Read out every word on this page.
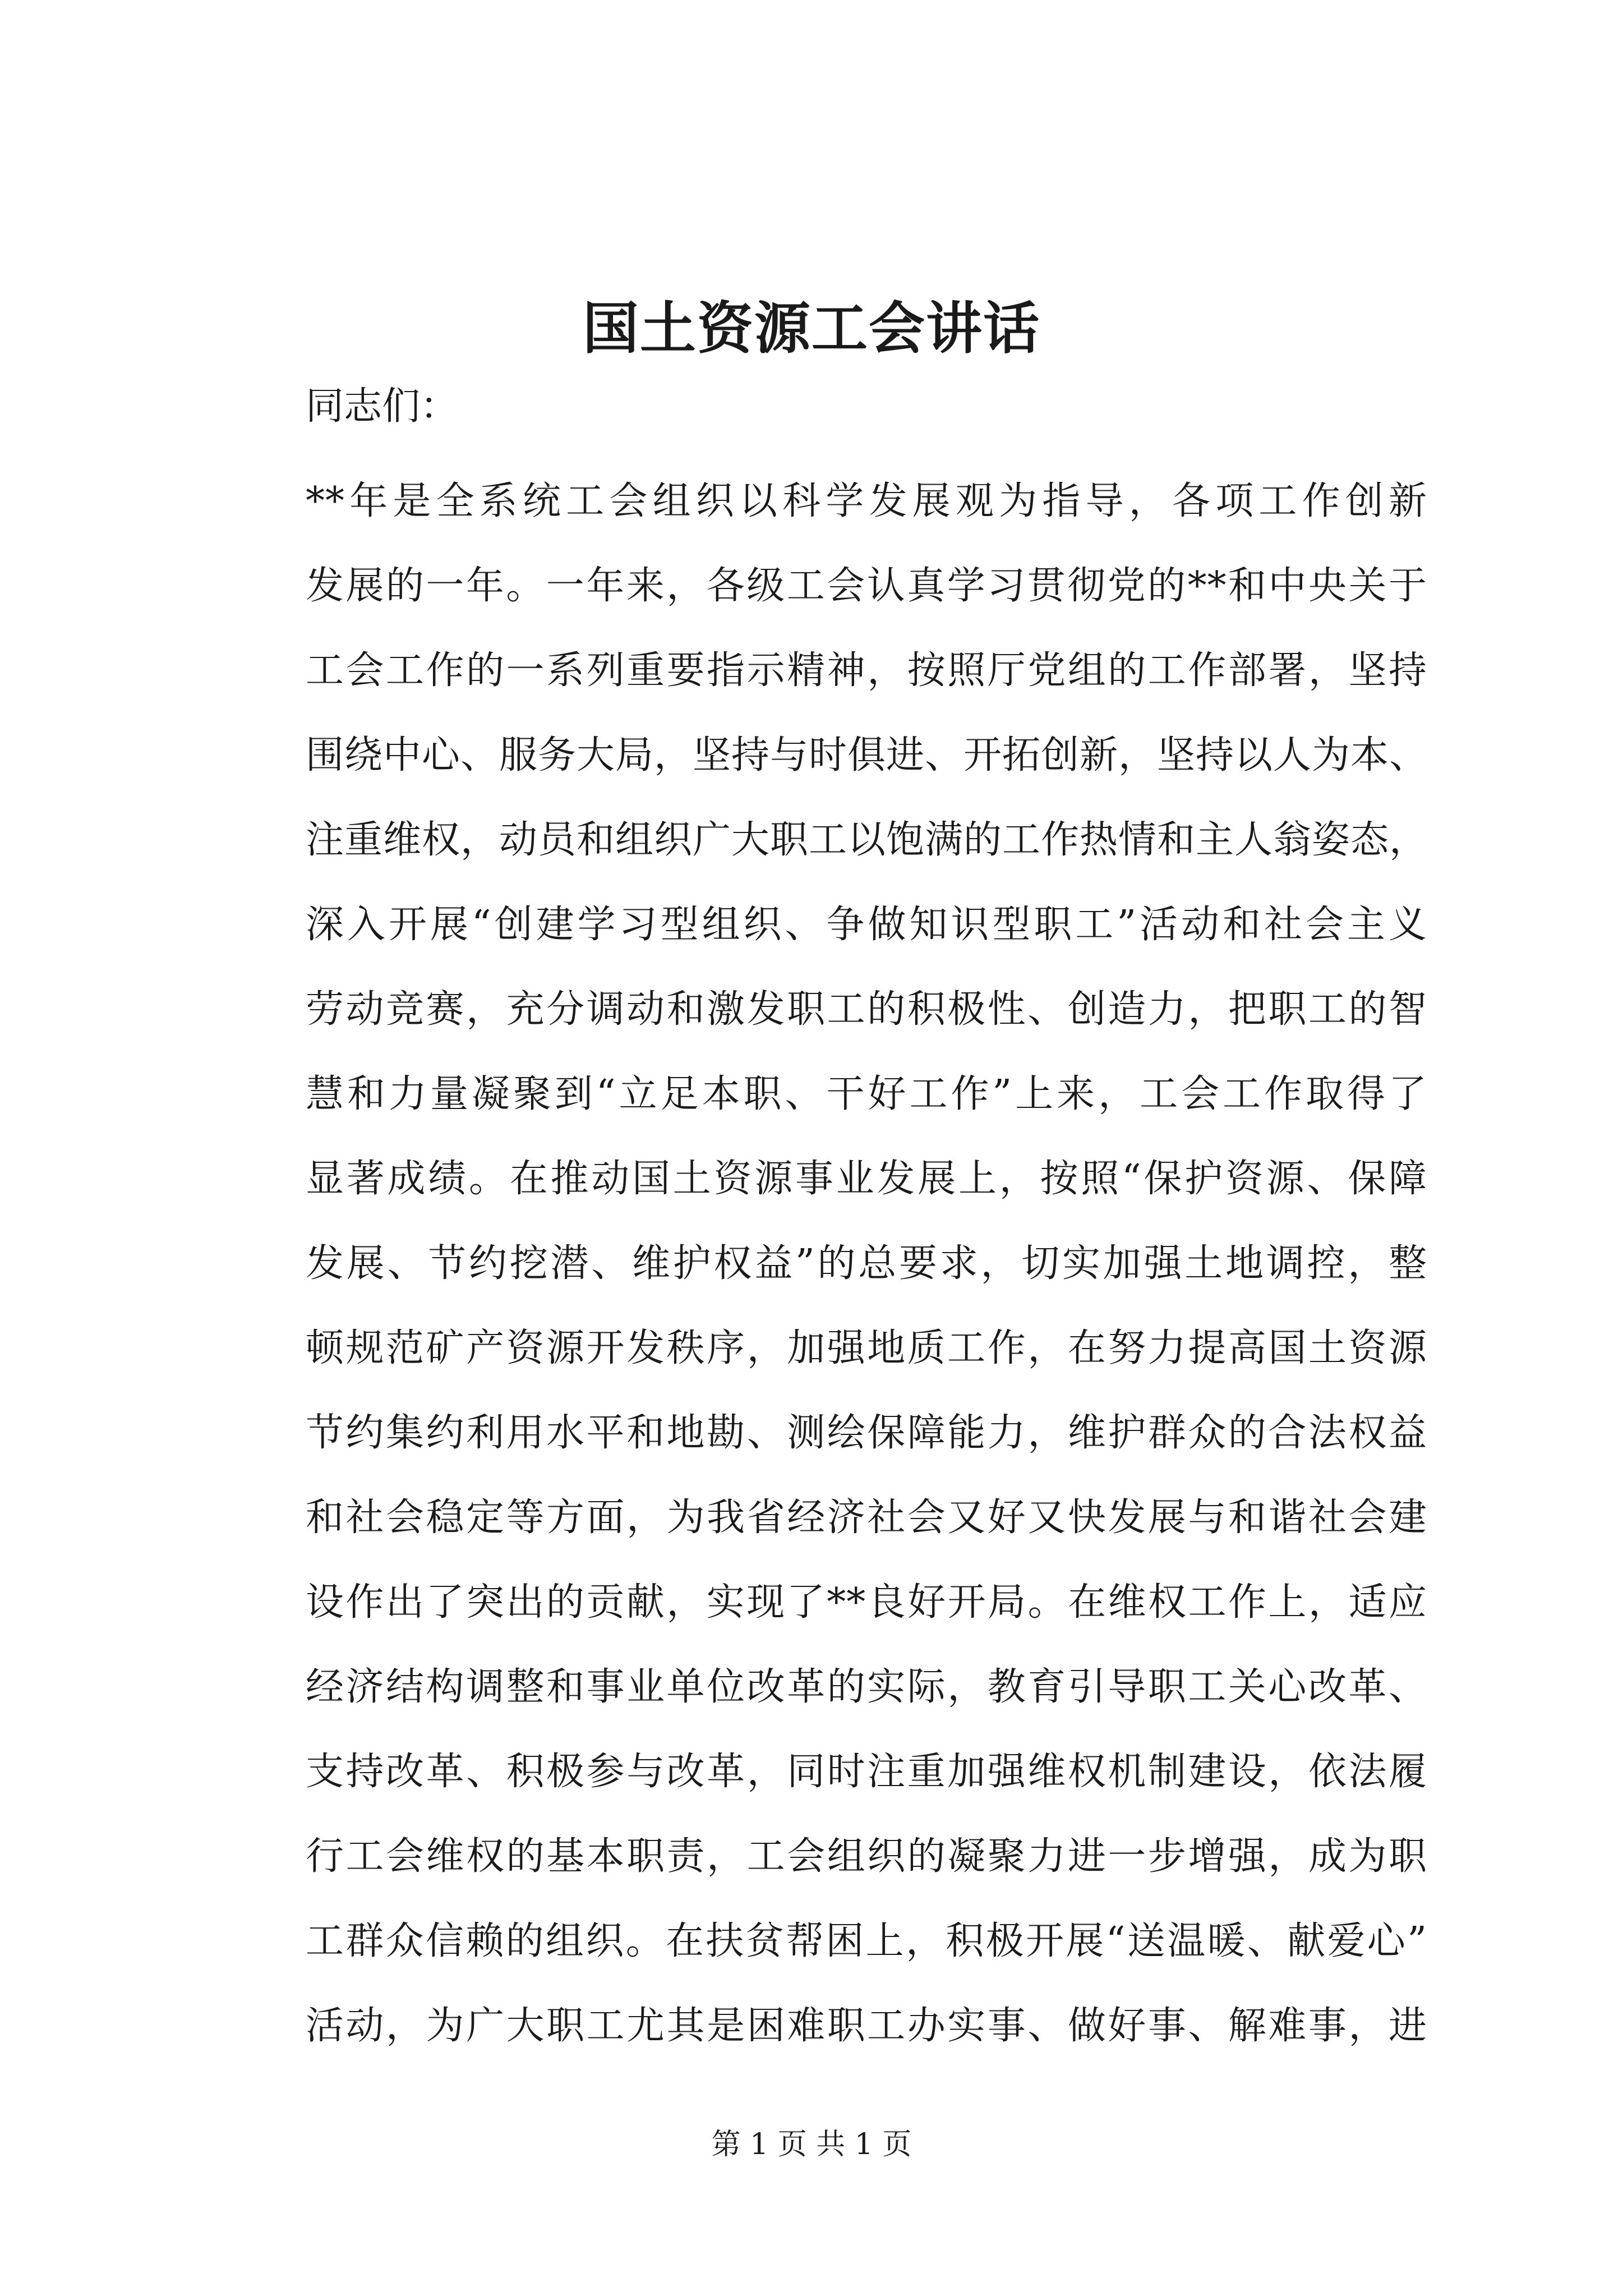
国土资源工会讲话
同志们：
**年是全系统工会组织以科学发展观为指导，各项工作创新
发展的一年。一年来，各级工会认真学习贯彻党的**和中央关于
工会工作的一系列重要指示精神，按照厅党组的工作部署，坚持
围绕中心、服务大局，坚持与时俱进、开拓创新，坚持以人为本、
注重维权，动员和组织广大职工以饱满的工作热情和主人翁姿态，
深入开展“创建学习型组织、争做知识型职工”活动和社会主义
劳动竞赛，充分调动和激发职工的积极性、创造力，把职工的智
慧和力量凝聚到“立足本职、干好工作”上来，工会工作取得了
显著成绩。在推动国土资源事业发展上，按照“保护资源、保障
发展、节约挖潜、维护权益”的总要求，切实加强土地调控，整
顿规范矿产资源开发秩序，加强地质工作，在努力提高国土资源
节约集约利用水平和地勘、测绘保障能力，维护群众的合法权益
和社会稳定等方面，为我省经济社会又好又快发展与和谐社会建
设作出了突出的贡献，实现了**良好开局。在维权工作上，适应
经济结构调整和事业单位改革的实际，教育引导职工关心改革、
支持改革、积极参与改革，同时注重加强维权机制建设，依法履
行工会维权的基本职责，工会组织的凝聚力进一步增强，成为职
工群众信赖的组织。在扶贫帮困上，积极开展“送温暖、献爱心”
活动，为广大职工尤其是困难职工办实事、做好事、解难事，进
第 1 页 共 1 页
